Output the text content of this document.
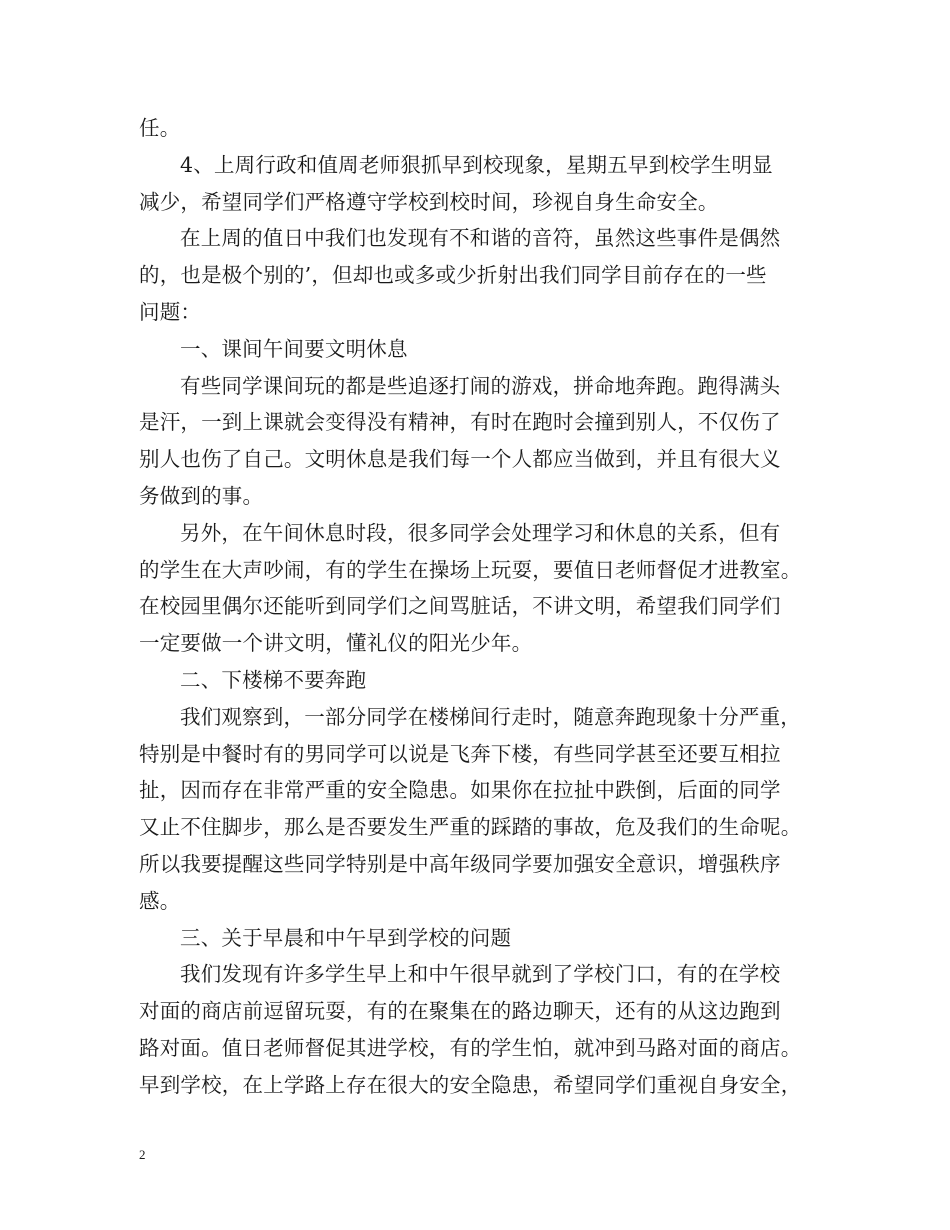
任。
4、上周行政和值周老师狠抓早到校现象，星期五早到校学生明显
减少，希望同学们严格遵守学校到校时间，珍视自身生命安全。
在上周的值日中我们也发现有不和谐的音符，虽然这些事件是偶然
的，也是极个别的’，但却也或多或少折射出我们同学目前存在的一些
问题：
一、课间午间要文明休息
有些同学课间玩的都是些追逐打闹的游戏，拼命地奔跑。跑得满头
是汗，一到上课就会变得没有精神，有时在跑时会撞到别人，不仅伤了
别人也伤了自己。文明休息是我们每一个人都应当做到，并且有很大义
务做到的事。
另外，在午间休息时段，很多同学会处理学习和休息的关系，但有
的学生在大声吵闹，有的学生在操场上玩耍，要值日老师督促才进教室。
在校园里偶尔还能听到同学们之间骂脏话，不讲文明，希望我们同学们
一定要做一个讲文明，懂礼仪的阳光少年。
二、下楼梯不要奔跑
我们观察到，一部分同学在楼梯间行走时，随意奔跑现象十分严重，
特别是中餐时有的男同学可以说是飞奔下楼，有些同学甚至还要互相拉
扯，因而存在非常严重的安全隐患。如果你在拉扯中跌倒，后面的同学
又止不住脚步，那么是否要发生严重的踩踏的事故，危及我们的生命呢。
所以我要提醒这些同学特别是中高年级同学要加强安全意识，增强秩序
感。
三、关于早晨和中午早到学校的问题
我们发现有许多学生早上和中午很早就到了学校门口，有的在学校
对面的商店前逗留玩耍，有的在聚集在的路边聊天，还有的从这边跑到
路对面。值日老师督促其进学校，有的学生怕，就冲到马路对面的商店。
早到学校，在上学路上存在很大的安全隐患，希望同学们重视自身安全，
2
